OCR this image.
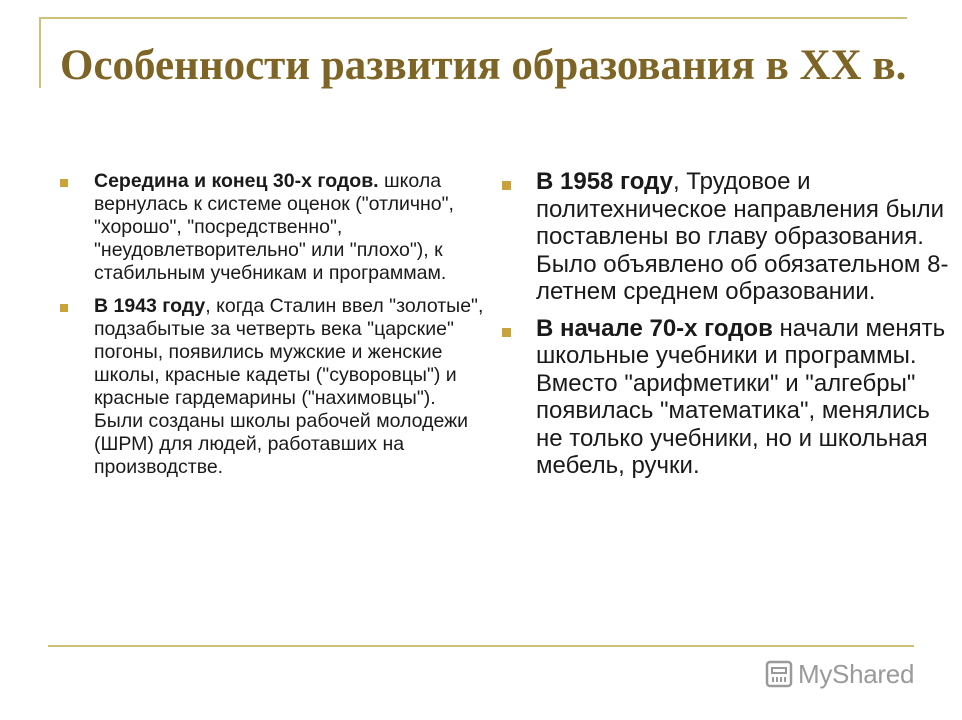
Особенности развития образования в XX в.
Середина и конец 30-х годов. школа вернулась к системе оценок ("отлично", "хорошо", "посредственно", "неудовлетворительно" или "плохо"), к стабильным учебникам и программам.
В 1943 году, когда Сталин ввел "золотые", подзабытые за четверть века "царские" погоны, появились мужские и женские школы, красные кадеты ("суворовцы") и красные гардемарины ("нахимовцы"). Были созданы школы рабочей молодежи (ШРМ) для людей, работавших на производстве.
В 1958 году, Трудовое и политехническое направления были поставлены во главу образования. Было объявлено об обязательном 8-летнем среднем образовании.
В начале 70-х годов начали менять школьные учебники и программы. Вместо "арифметики" и "алгебры" появилась "математика", менялись не только учебники, но и школьная мебель, ручки.
MyShared
